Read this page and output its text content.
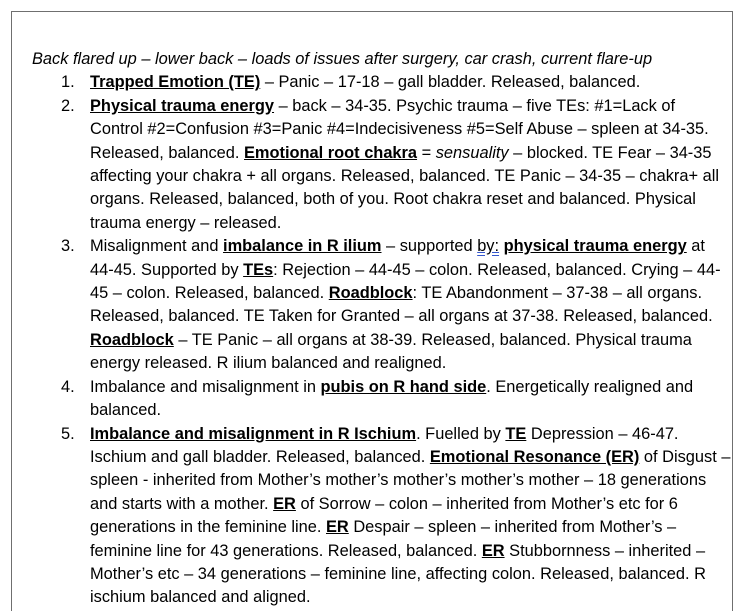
Back flared up – lower back – loads of issues after surgery, car crash, current flare-up

1. Trapped Emotion (TE) – Panic – 17-18 – gall bladder. Released, balanced.
2. Physical trauma energy – back – 34-35. Psychic trauma – five TEs: #1=Lack of Control #2=Confusion #3=Panic #4=Indecisiveness #5=Self Abuse – spleen at 34-35. Released, balanced. Emotional root chakra = sensuality – blocked. TE Fear – 34-35 affecting your chakra + all organs. Released, balanced. TE Panic – 34-35 – chakra+ all organs. Released, balanced, both of you. Root chakra reset and balanced. Physical trauma energy – released.
3. Misalignment and imbalance in R ilium – supported by: physical trauma energy at 44-45. Supported by TEs: Rejection – 44-45 – colon. Released, balanced. Crying – 44-45 – colon. Released, balanced. Roadblock: TE Abandonment – 37-38 – all organs. Released, balanced. TE Taken for Granted – all organs at 37-38. Released, balanced. Roadblock – TE Panic – all organs at 38-39. Released, balanced. Physical trauma energy released. R ilium balanced and realigned.
4. Imbalance and misalignment in pubis on R hand side. Energetically realigned and balanced.
5. Imbalance and misalignment in R Ischium. Fuelled by TE Depression – 46-47. Ischium and gall bladder. Released, balanced. Emotional Resonance (ER) of Disgust – spleen - inherited from Mother’s mother’s mother’s mother’s mother – 18 generations and starts with a mother. ER of Sorrow – colon – inherited from Mother’s etc for 6 generations in the feminine line. ER Despair – spleen – inherited from Mother’s – feminine line for 43 generations. Released, balanced. ER Stubbornness – inherited – Mother’s etc – 34 generations – feminine line, affecting colon. Released, balanced. R ischium balanced and aligned.
